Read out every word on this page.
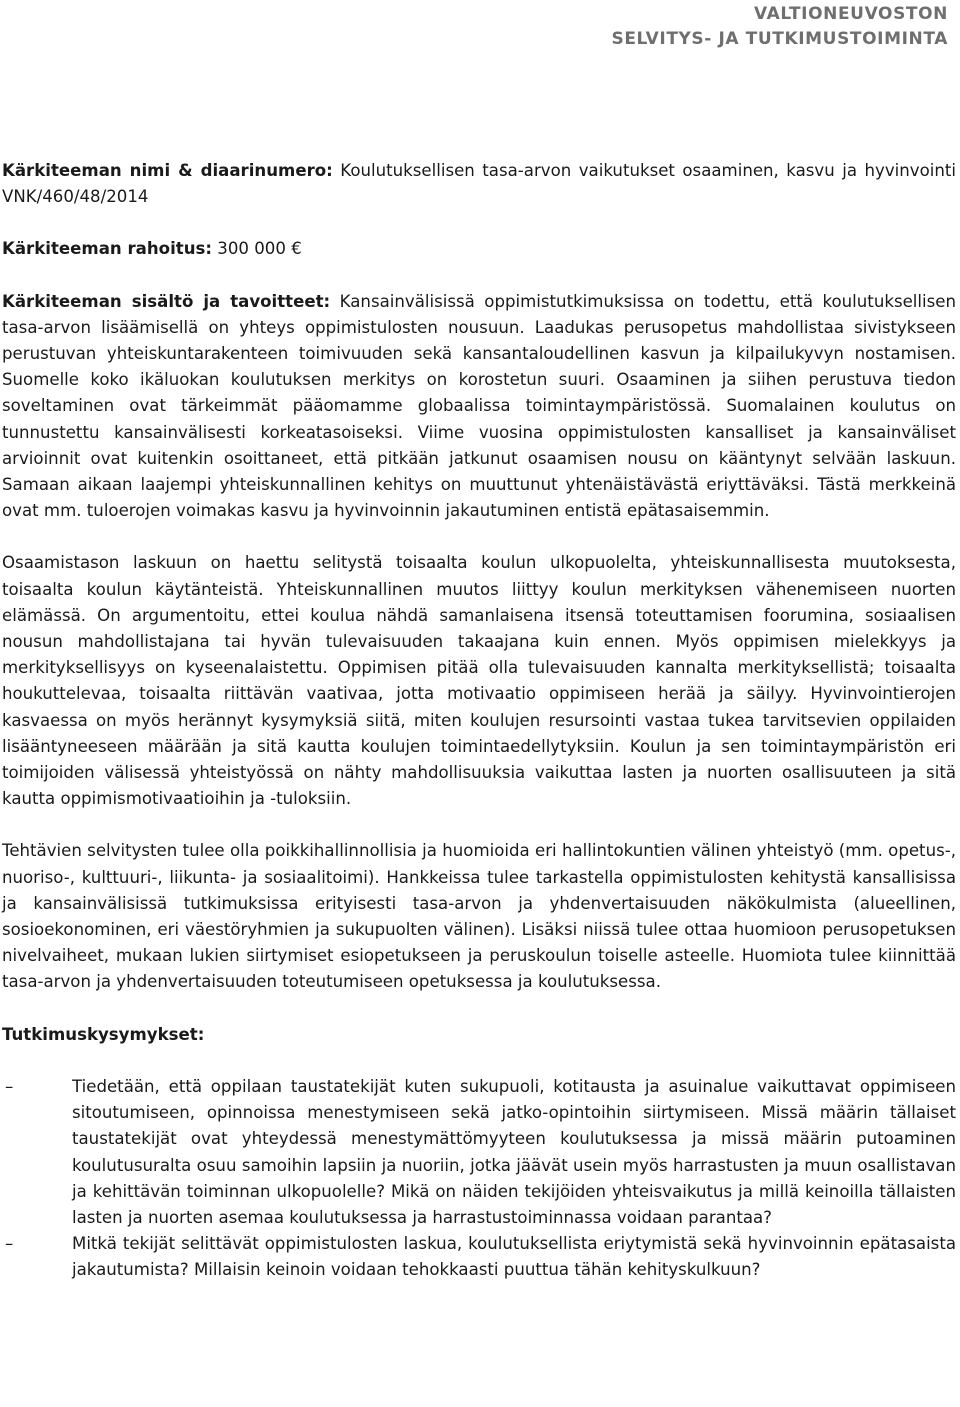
VALTIONEUVOSTON
SELVITYS- JA TUTKIMUSTOIMINTA

Kärkiteeman nimi & diaarinumero: Koulutuksellisen tasa-arvon vaikutukset osaaminen, kasvu ja hyvinvointi VNK/460/48/2014

Kärkiteeman rahoitus: 300 000 €

Kärkiteeman sisältö ja tavoitteet: Kansainvälisissä oppimistutkimuksissa on todettu, että koulutuksellisen tasa-arvon lisäämisellä on yhteys oppimistulosten nousuun. Laadukas perusopetus mahdollistaa sivistykseen perustuvan yhteiskuntarakenteen toimivuuden sekä kansantaloudellinen kasvun ja kilpailukyvyn nostamisen. Suomelle koko ikäluokan koulutuksen merkitys on korostetun suuri. Osaaminen ja siihen perustuva tiedon soveltaminen ovat tärkeimmät pääomamme globaalissa toimintaympäristössä. Suomalainen koulutus on tunnustettu kansainvälisesti korkeatasoiseksi. Viime vuosina oppimistulosten kansalliset ja kansainväliset arvioinnit ovat kuitenkin osoittaneet, että pitkään jatkunut osaamisen nousu on kääntynyt selvään laskuun. Samaan aikaan laajempi yhteiskunnallinen kehitys on muuttunut yhtenäistävästä eriyttäväksi. Tästä merkkeinä ovat mm. tuloerojen voimakas kasvu ja hyvinvoinnin jakautuminen entistä epätasaisemmin.

Osaamistason laskuun on haettu selitystä toisaalta koulun ulkopuolelta, yhteiskunnallisesta muutoksesta, toisaalta koulun käytänteistä. Yhteiskunnallinen muutos liittyy koulun merkityksen vähenemiseen nuorten elämässä. On argumentoitu, ettei koulua nähdä samanlaisena itsensä toteuttamisen foorumina, sosiaalisen nousun mahdollistajana tai hyvän tulevaisuuden takaajana kuin ennen. Myös oppimisen mielekkyys ja merkityksellisyys on kyseenalaistettu. Oppimisen pitää olla tulevaisuuden kannalta merkityksellistä; toisaalta houkuttelevaa, toisaalta riittävän vaativaa, jotta motivaatio oppimiseen herää ja säilyy. Hyvinvointierojen kasvaessa on myös herännyt kysymyksiä siitä, miten koulujen resursointi vastaa tukea tarvitsevien oppilaiden lisääntyneeseen määrään ja sitä kautta koulujen toimintaedellytyksiin. Koulun ja sen toimintaympäristön eri toimijoiden välisessä yhteistyössä on nähty mahdollisuuksia vaikuttaa lasten ja nuorten osallisuuteen ja sitä kautta oppimismotivaatioihin ja -tuloksiin.

Tehtävien selvitysten tulee olla poikkihallinnollisia ja huomioida eri hallintokuntien välinen yhteistyö (mm. opetus-, nuoriso-, kulttuuri-, liikunta- ja sosiaalitoimi). Hankkeissa tulee tarkastella oppimistulosten kehitystä kansallisissa ja kansainvälisissä tutkimuksissa erityisesti tasa-arvon ja yhdenvertaisuuden näkökulmista (alueellinen, sosioekonominen, eri väestöryhmien ja sukupuolten välinen). Lisäksi niissä tulee ottaa huomioon perusopetuksen nivelvaiheet, mukaan lukien siirtymiset esiopetukseen ja peruskoulun toiselle asteelle. Huomiota tulee kiinnittää tasa-arvon ja yhdenvertaisuuden toteutumiseen opetuksessa ja koulutuksessa.

Tutkimuskysymykset:

–	Tiedetään, että oppilaan taustatekijät kuten sukupuoli, kotitausta ja asuinalue vaikuttavat oppimiseen sitoutumiseen, opinnoissa menestymiseen sekä jatko-opintoihin siirtymiseen. Missä määrin tällaiset taustatekijät ovat yhteydessä menestymättömyyteen koulutuksessa ja missä määrin putoaminen koulutusuralta osuu samoihin lapsiin ja nuoriin, jotka jäävät usein myös harrastusten ja muun osallistavan ja kehittävän toiminnan ulkopuolelle? Mikä on näiden tekijöiden yhteisvaikutus ja millä keinoilla tällaisten lasten ja nuorten asemaa koulutuksessa ja harrastustoiminnassa voidaan parantaa?
–	Mitkä tekijät selittävät oppimistulosten laskua, koulutuksellista eriytymistä sekä hyvinvoinnin epätasaista jakautumista? Millaisin keinoin voidaan tehokkaasti puuttua tähän kehityskulkuun?
